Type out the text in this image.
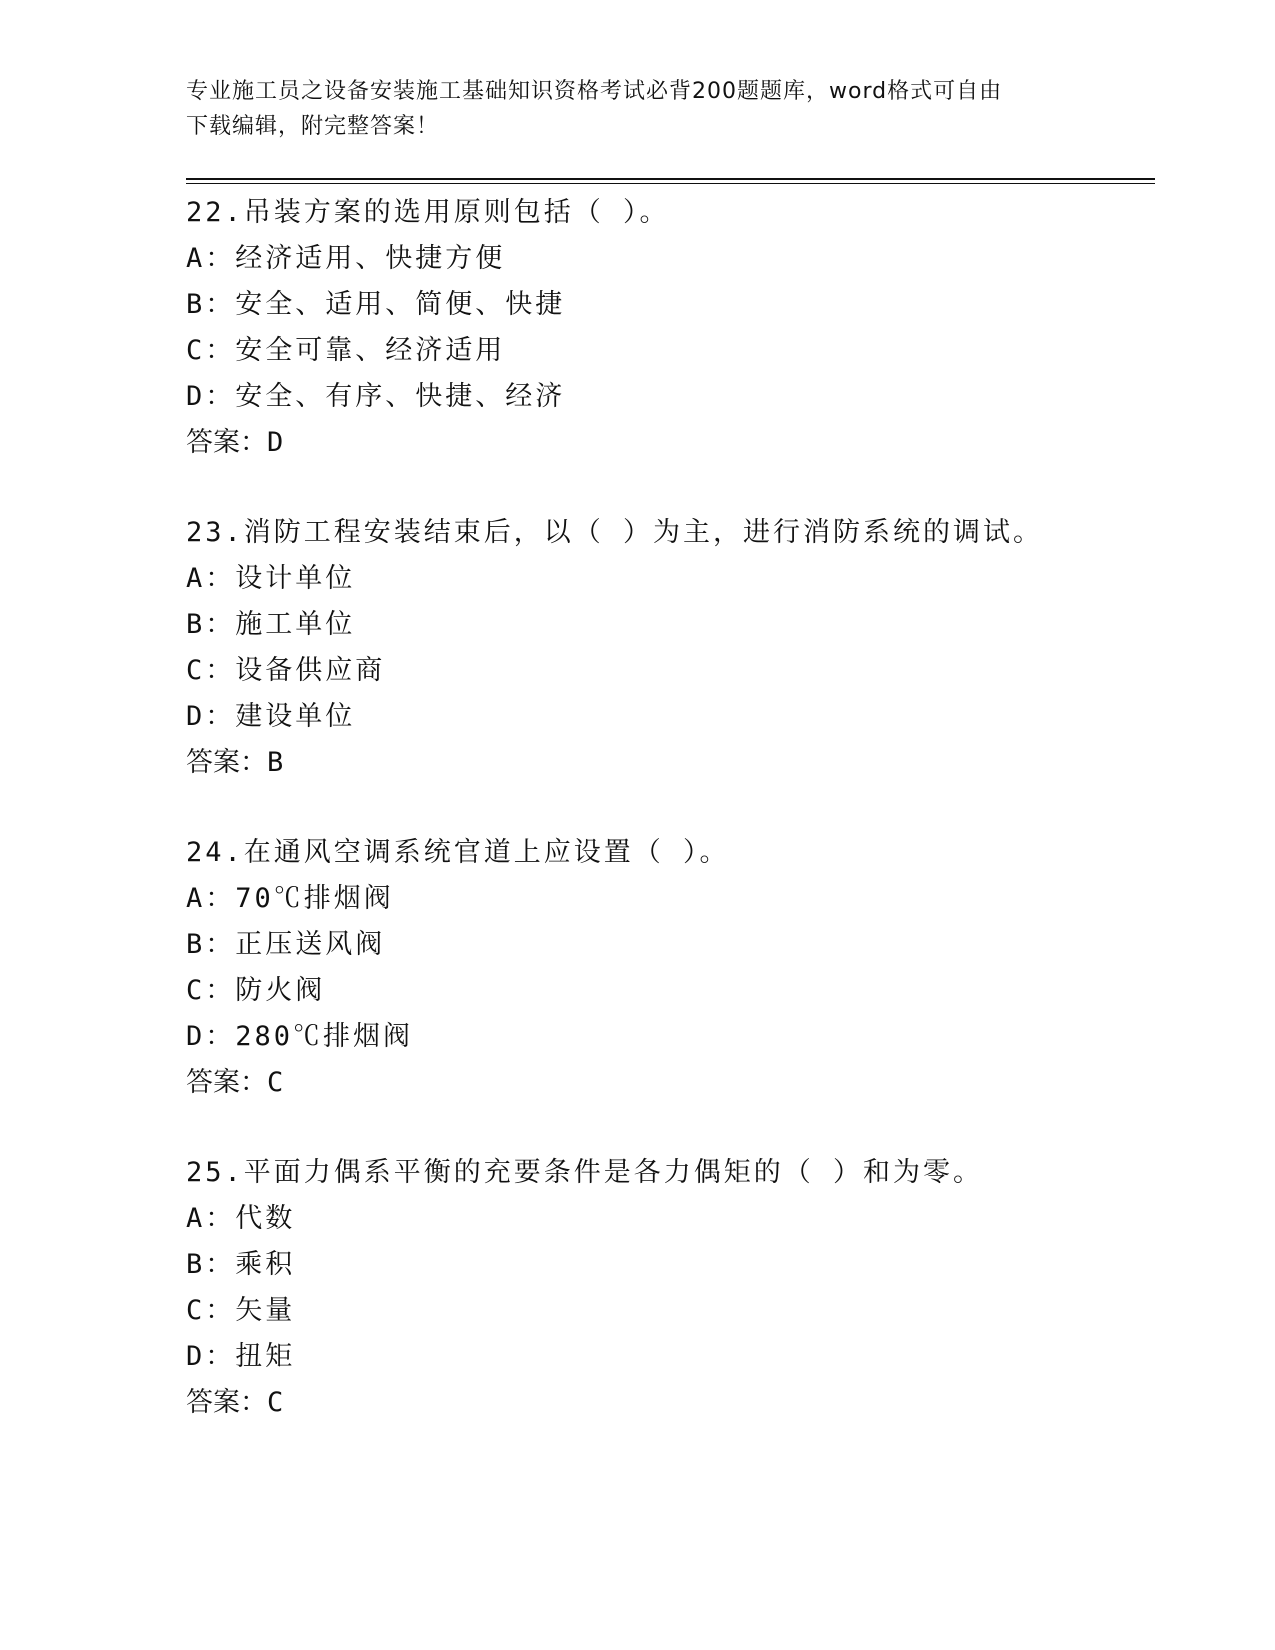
专业施工员之设备安装施工基础知识资格考试必背200题题库，word格式可自由
下载编辑，附完整答案！
22.吊装方案的选用原则包括（ ）。
A：经济适用、快捷方便
B：安全、适用、简便、快捷
C：安全可靠、经济适用
D：安全、有序、快捷、经济
答案：D
23.消防工程安装结束后，以（ ）为主，进行消防系统的调试。
A：设计单位
B：施工单位
C：设备供应商
D：建设单位
答案：B
24.在通风空调系统官道上应设置（ ）。
A：70℃排烟阀
B：正压送风阀
C：防火阀
D：280℃排烟阀
答案：C
25.平面力偶系平衡的充要条件是各力偶矩的（ ）和为零。
A：代数
B：乘积
C：矢量
D：扭矩
答案：C
